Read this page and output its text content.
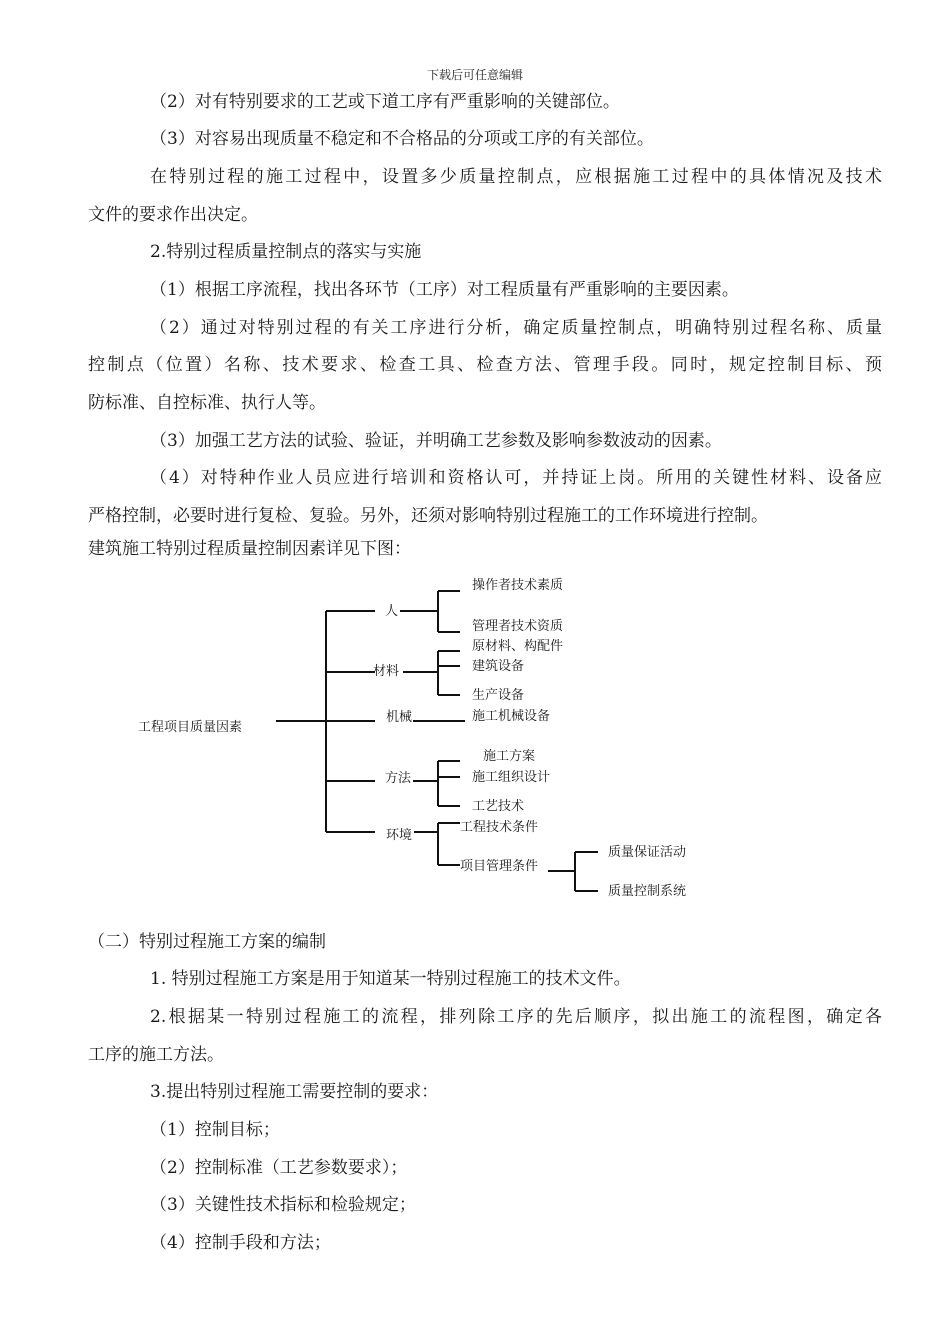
下载后可任意编辑
（2）对有特别要求的工艺或下道工序有严重影响的关键部位。
（3）对容易出现质量不稳定和不合格品的分项或工序的有关部位。
在特别过程的施工过程中，设置多少质量控制点，应根据施工过程中的具体情况及技术
文件的要求作出决定。
2.特别过程质量控制点的落实与实施
（1）根据工序流程，找出各环节（工序）对工程质量有严重影响的主要因素。
（2）通过对特别过程的有关工序进行分析，确定质量控制点，明确特别过程名称、质量
控制点（位置）名称、技术要求、检查工具、检查方法、管理手段。同时，规定控制目标、预
防标准、自控标准、执行人等。
（3）加强工艺方法的试验、验证，并明确工艺参数及影响参数波动的因素。
（4）对特种作业人员应进行培训和资格认可，并持证上岗。所用的关键性材料、设备应
严格控制，必要时进行复检、复验。另外，还须对影响特别过程施工的工作环境进行控制。
建筑施工特别过程质量控制因素详见下图：
工程项目质量因素
人
材料
机械
方法
环境
操作者技术素质
管理者技术资质
原材料、构配件
建筑设备
生产设备
施工机械设备
施工方案
施工组织设计
工艺技术
工程技术条件
项目管理条件
质量保证活动
质量控制系统
（二）特别过程施工方案的编制
1. 特别过程施工方案是用于知道某一特别过程施工的技术文件。
2.根据某一特别过程施工的流程，排列除工序的先后顺序，拟出施工的流程图，确定各
工序的施工方法。
3.提出特别过程施工需要控制的要求：
（1）控制目标；
（2）控制标准（工艺参数要求）；
（3）关键性技术指标和检验规定；
（4）控制手段和方法；
